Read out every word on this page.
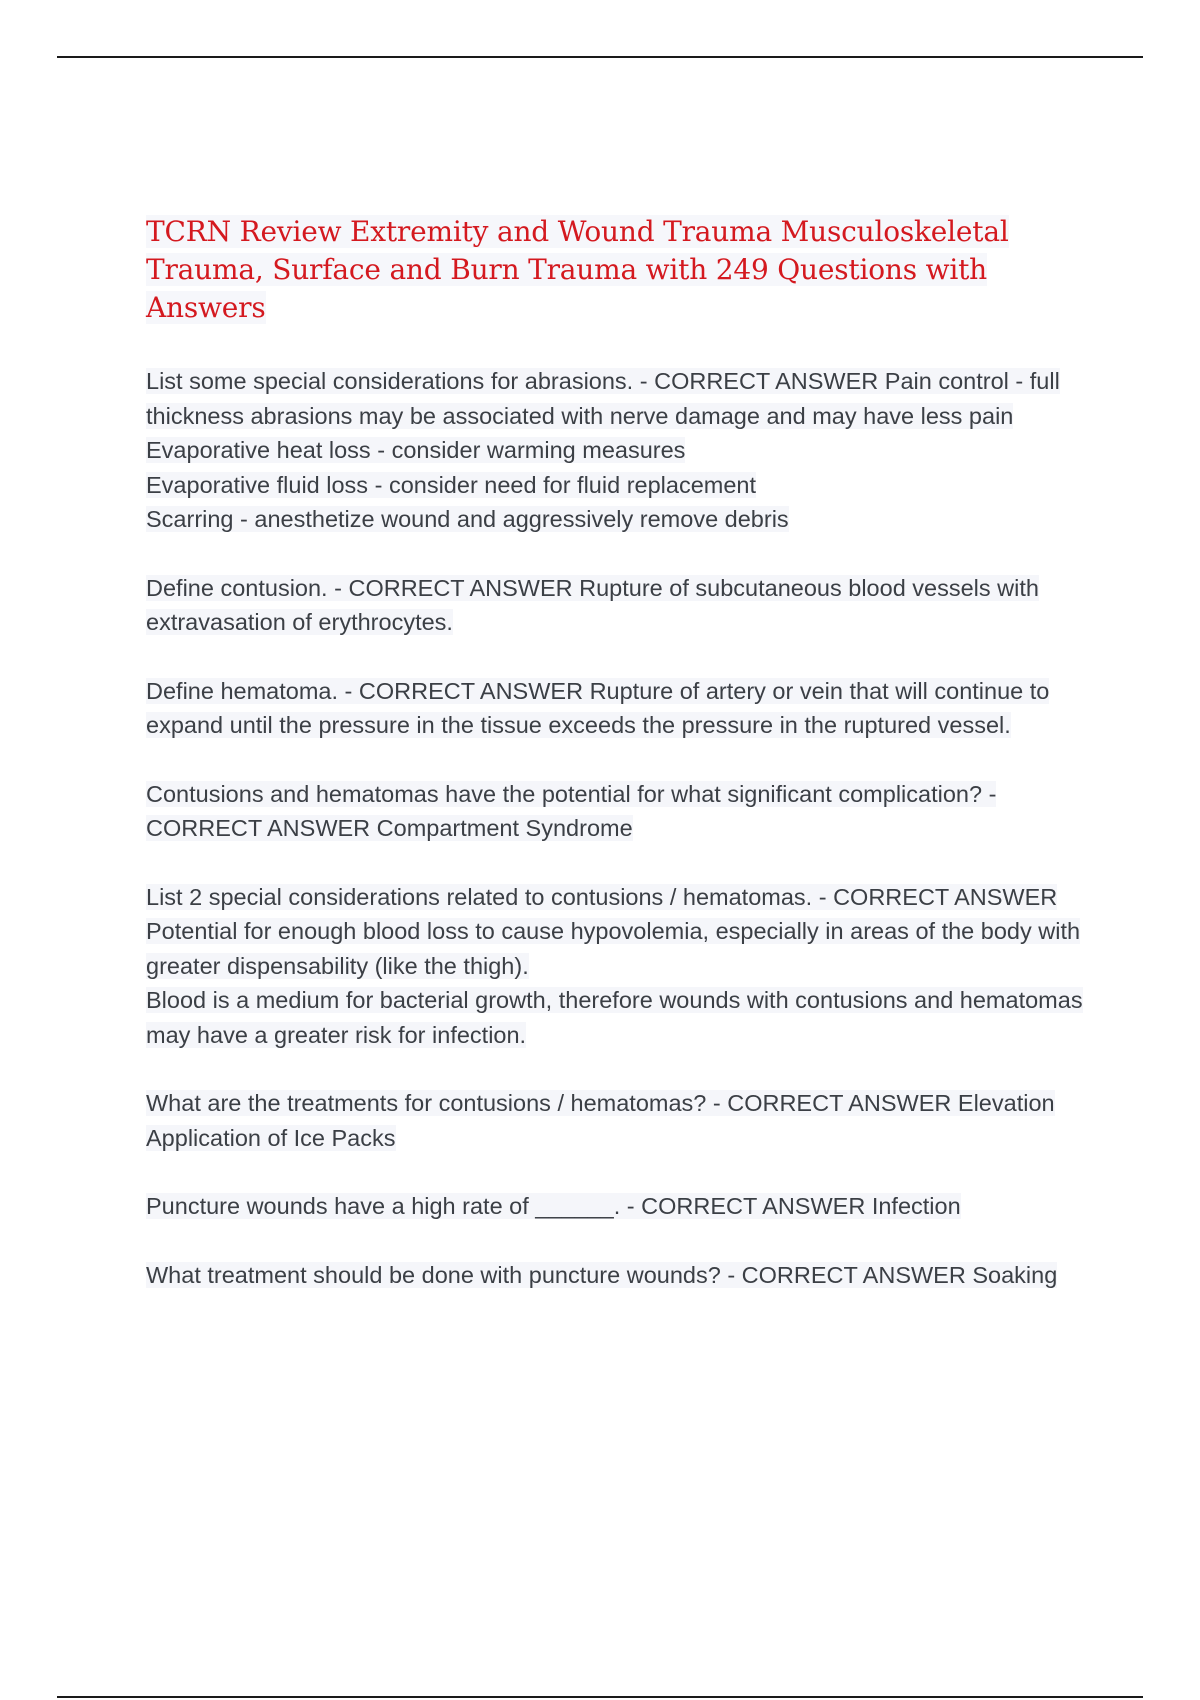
TCRN Review Extremity and Wound Trauma Musculoskeletal Trauma, Surface and Burn Trauma with 249 Questions with Answers
List some special considerations for abrasions. - CORRECT ANSWER Pain control - full thickness abrasions may be associated with nerve damage and may have less pain
Evaporative heat loss - consider warming measures
Evaporative fluid loss - consider need for fluid replacement
Scarring - anesthetize wound and aggressively remove debris
Define contusion. - CORRECT ANSWER Rupture of subcutaneous blood vessels with extravasation of erythrocytes.
Define hematoma. - CORRECT ANSWER Rupture of artery or vein that will continue to expand until the pressure in the tissue exceeds the pressure in the ruptured vessel.
Contusions and hematomas have the potential for what significant complication? - CORRECT ANSWER Compartment Syndrome
List 2 special considerations related to contusions / hematomas. - CORRECT ANSWER Potential for enough blood loss to cause hypovolemia, especially in areas of the body with greater dispensability (like the thigh).
Blood is a medium for bacterial growth, therefore wounds with contusions and hematomas may have a greater risk for infection.
What are the treatments for contusions / hematomas? - CORRECT ANSWER Elevation
Application of Ice Packs
Puncture wounds have a high rate of ______. - CORRECT ANSWER Infection
What treatment should be done with puncture wounds? - CORRECT ANSWER Soaking
